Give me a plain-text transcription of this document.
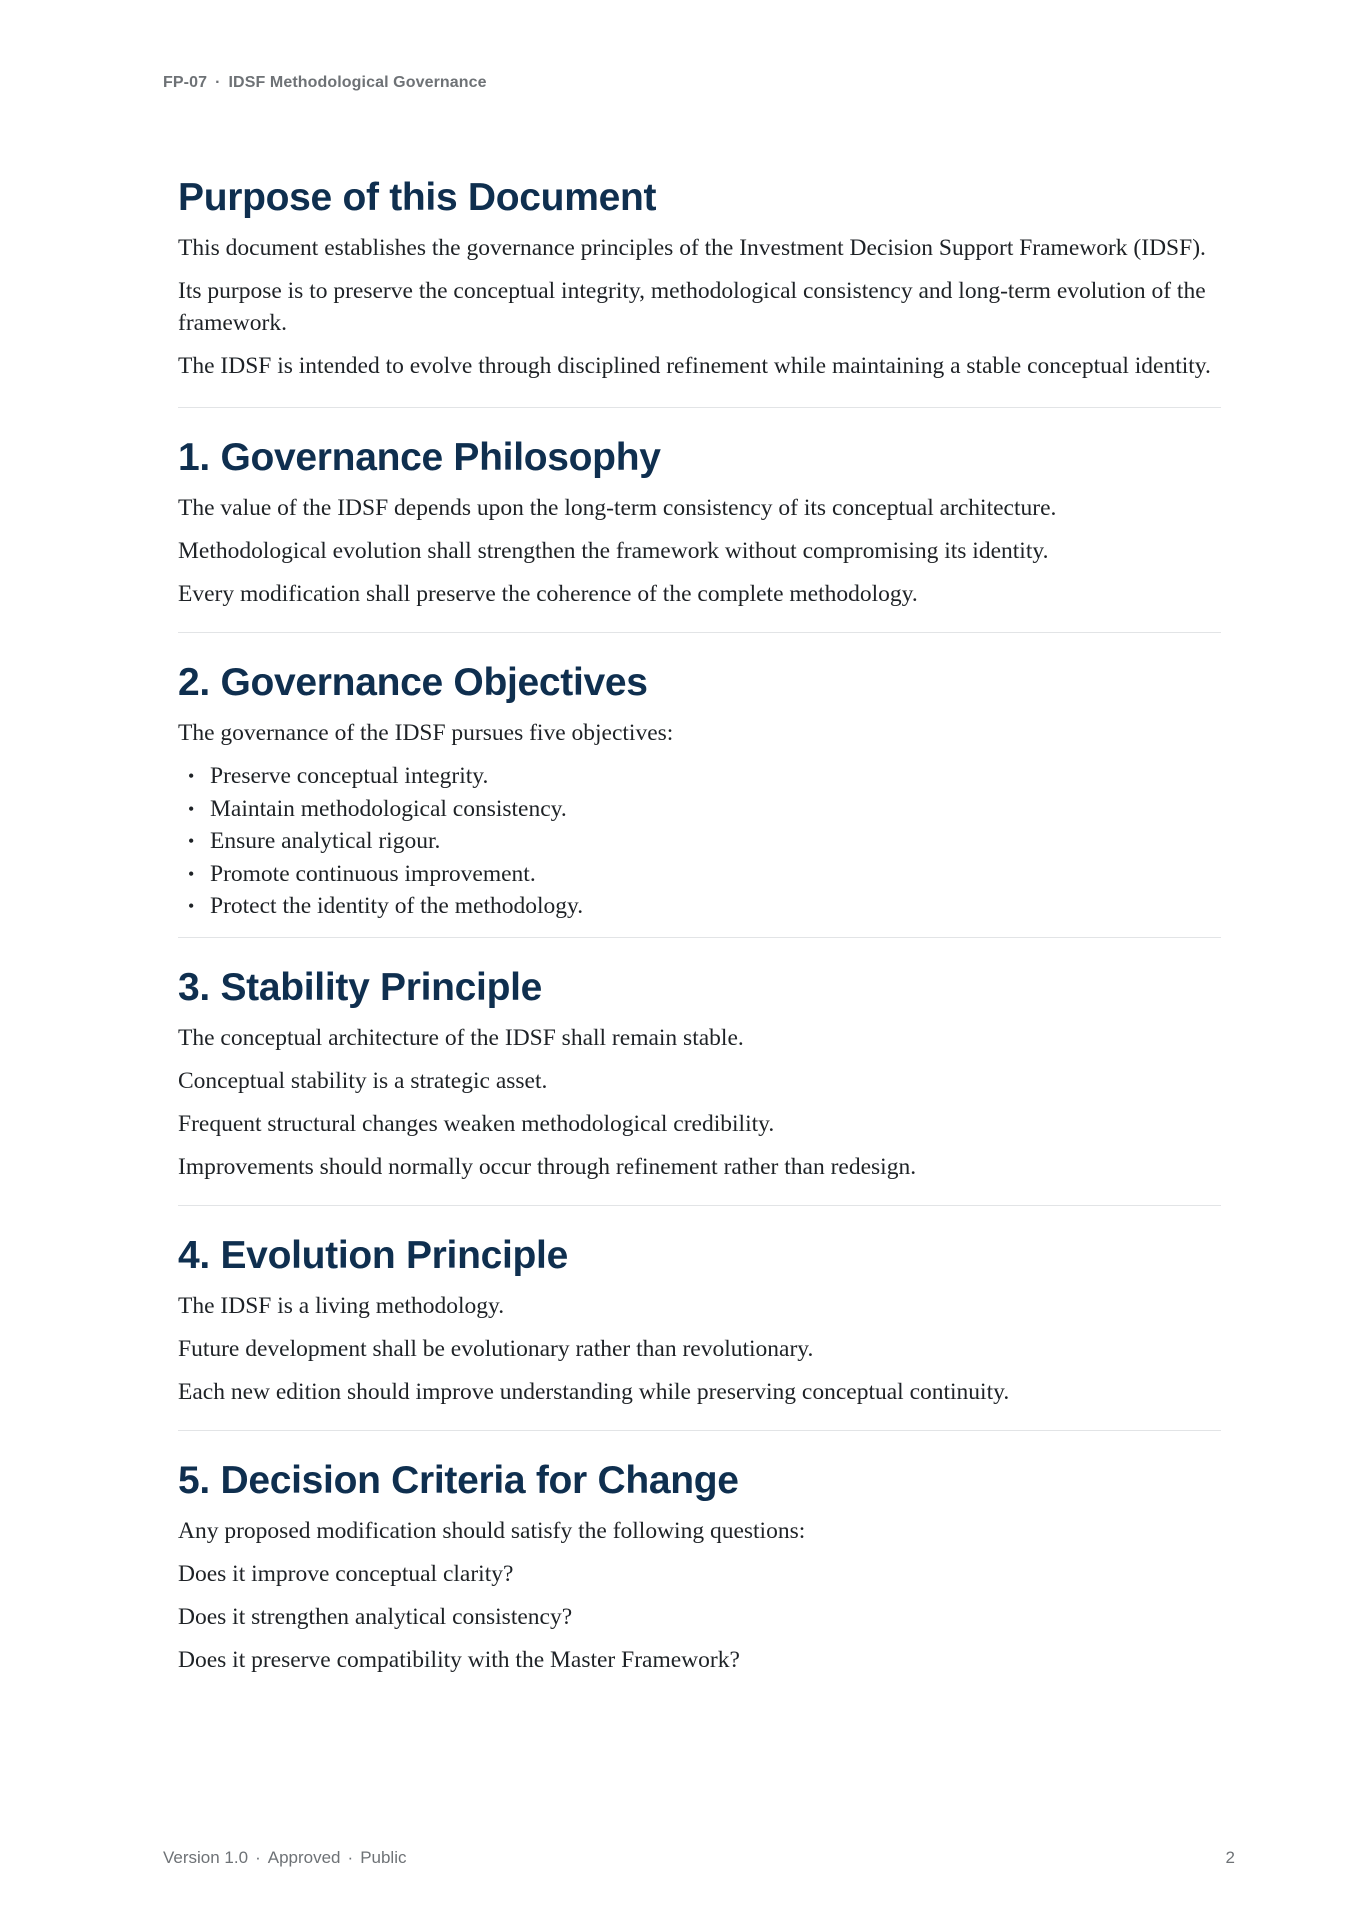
FP-07 · IDSF Methodological Governance
Purpose of this Document

This document establishes the governance principles of the Investment Decision Support Framework (IDSF).

Its purpose is to preserve the conceptual integrity, methodological consistency and long-term evolution of the framework.

The IDSF is intended to evolve through disciplined refinement while maintaining a stable conceptual identity.

1. Governance Philosophy

The value of the IDSF depends upon the long-term consistency of its conceptual architecture.

Methodological evolution shall strengthen the framework without compromising its identity.

Every modification shall preserve the coherence of the complete methodology.

2. Governance Objectives

The governance of the IDSF pursues five objectives:

• Preserve conceptual integrity.
• Maintain methodological consistency.
• Ensure analytical rigour.
• Promote continuous improvement.
• Protect the identity of the methodology.
3. Stability Principle

The conceptual architecture of the IDSF shall remain stable.

Conceptual stability is a strategic asset.

Frequent structural changes weaken methodological credibility.

Improvements should normally occur through refinement rather than redesign.

4. Evolution Principle

The IDSF is a living methodology.

Future development shall be evolutionary rather than revolutionary.

Each new edition should improve understanding while preserving conceptual continuity.

5. Decision Criteria for Change

Any proposed modification should satisfy the following questions:

Does it improve conceptual clarity?

Does it strengthen analytical consistency?

Does it preserve compatibility with the Master Framework?

Version 1.0 · Approved · Public	2
